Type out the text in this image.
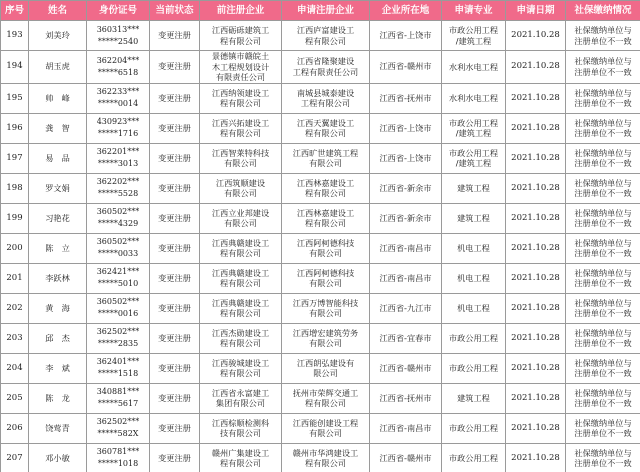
序号	姓名	身份证号	当前状态	前注册企业	申请注册企业	企业所在地	申请专业	申请日期	社保缴纳情况
193	刘美玲	360313***
*****2540	变更注册	江西砺砾建筑工
程有限公司	江西庐富建设工
程有限公司	江西省-上饶市	市政公用工程
/建筑工程	2021.10.28	社保缴纳单位与
注册单位不一致
194	胡玉虎	362204***
*****6518	变更注册	景德镇市赣皖土
木工程规划设计
有限责任公司	江西省隆聚建设
工程有限责任公司	江西省-赣州市	水利水电工程	2021.10.28	社保缴纳单位与
注册单位不一致
195	帅　峰	362233***
*****0014	变更注册	江西纳领建设工
程有限公司	南城县城泰建设
工程有限公司	江西省-抚州市	水利水电工程	2021.10.28	社保缴纳单位与
注册单位不一致
196	龚　智	430923***
*****1716	变更注册	江西兴拓建设工
程有限公司	江西天翼建设工
程有限公司	江西省-上饶市	市政公用工程
/建筑工程	2021.10.28	社保缴纳单位与
注册单位不一致
197	易　品	362201***
*****3013	变更注册	江西智莱特科技
有限公司	江西旷世建筑工程
有限公司	江西省-上饶市	市政公用工程
/建筑工程	2021.10.28	社保缴纳单位与
注册单位不一致
198	罗文娟	362202***
*****5528	变更注册	江西筑顺建设
有限公司	江西林嘉建设工
程有限公司	江西省-新余市	建筑工程	2021.10.28	社保缴纳单位与
注册单位不一致
199	习艳花	360502***
*****4329	变更注册	江西立业邦建设
有限公司	江西林嘉建设工
程有限公司	江西省-新余市	建筑工程	2021.10.28	社保缴纳单位与
注册单位不一致
200	陈　立	360502***
*****0033	变更注册	江西典赣建设工
程有限公司	江西阿柯德科技
有限公司	江西省-南昌市	机电工程	2021.10.28	社保缴纳单位与
注册单位不一致
201	李跃林	362421***
*****5010	变更注册	江西典赣建设工
程有限公司	江西阿柯德科技
有限公司	江西省-南昌市	机电工程	2021.10.28	社保缴纳单位与
注册单位不一致
202	黄　海	360502***
*****0016	变更注册	江西典赣建设工
程有限公司	江西万博智能科技
有限公司	江西省-九江市	机电工程	2021.10.28	社保缴纳单位与
注册单位不一致
203	邱　杰	362502***
*****2835	变更注册	江西杰勋建设工
程有限公司	江西增宏建筑劳务
有限公司	江西省-宜春市	市政公用工程	2021.10.28	社保缴纳单位与
注册单位不一致
204	李　斌	362401***
*****1518	变更注册	江西骏城建设工
程有限公司	江西朗弘建设有
限公司	江西省-赣州市	市政公用工程	2021.10.28	社保缴纳单位与
注册单位不一致
205	陈　龙	340881***
*****5617	变更注册	江西省永富建工
集团有限公司	抚州市荣辉交通工
程有限公司	江西省-抚州市	建筑工程	2021.10.28	社保缴纳单位与
注册单位不一致
206	饶莺青	362502***
*****582X	变更注册	江西棕顺检测科
技有限公司	江西能创建设工程
有限公司	江西省-南昌市	市政公用工程	2021.10.28	社保缴纳单位与
注册单位不一致
207	邓小敏	360781***
*****1018	变更注册	赣州广集建设工
程有限公司	赣州市华鸿建设工
程有限公司	江西省-赣州市	市政公用工程	2021.10.28	社保缴纳单位与
注册单位不一致
